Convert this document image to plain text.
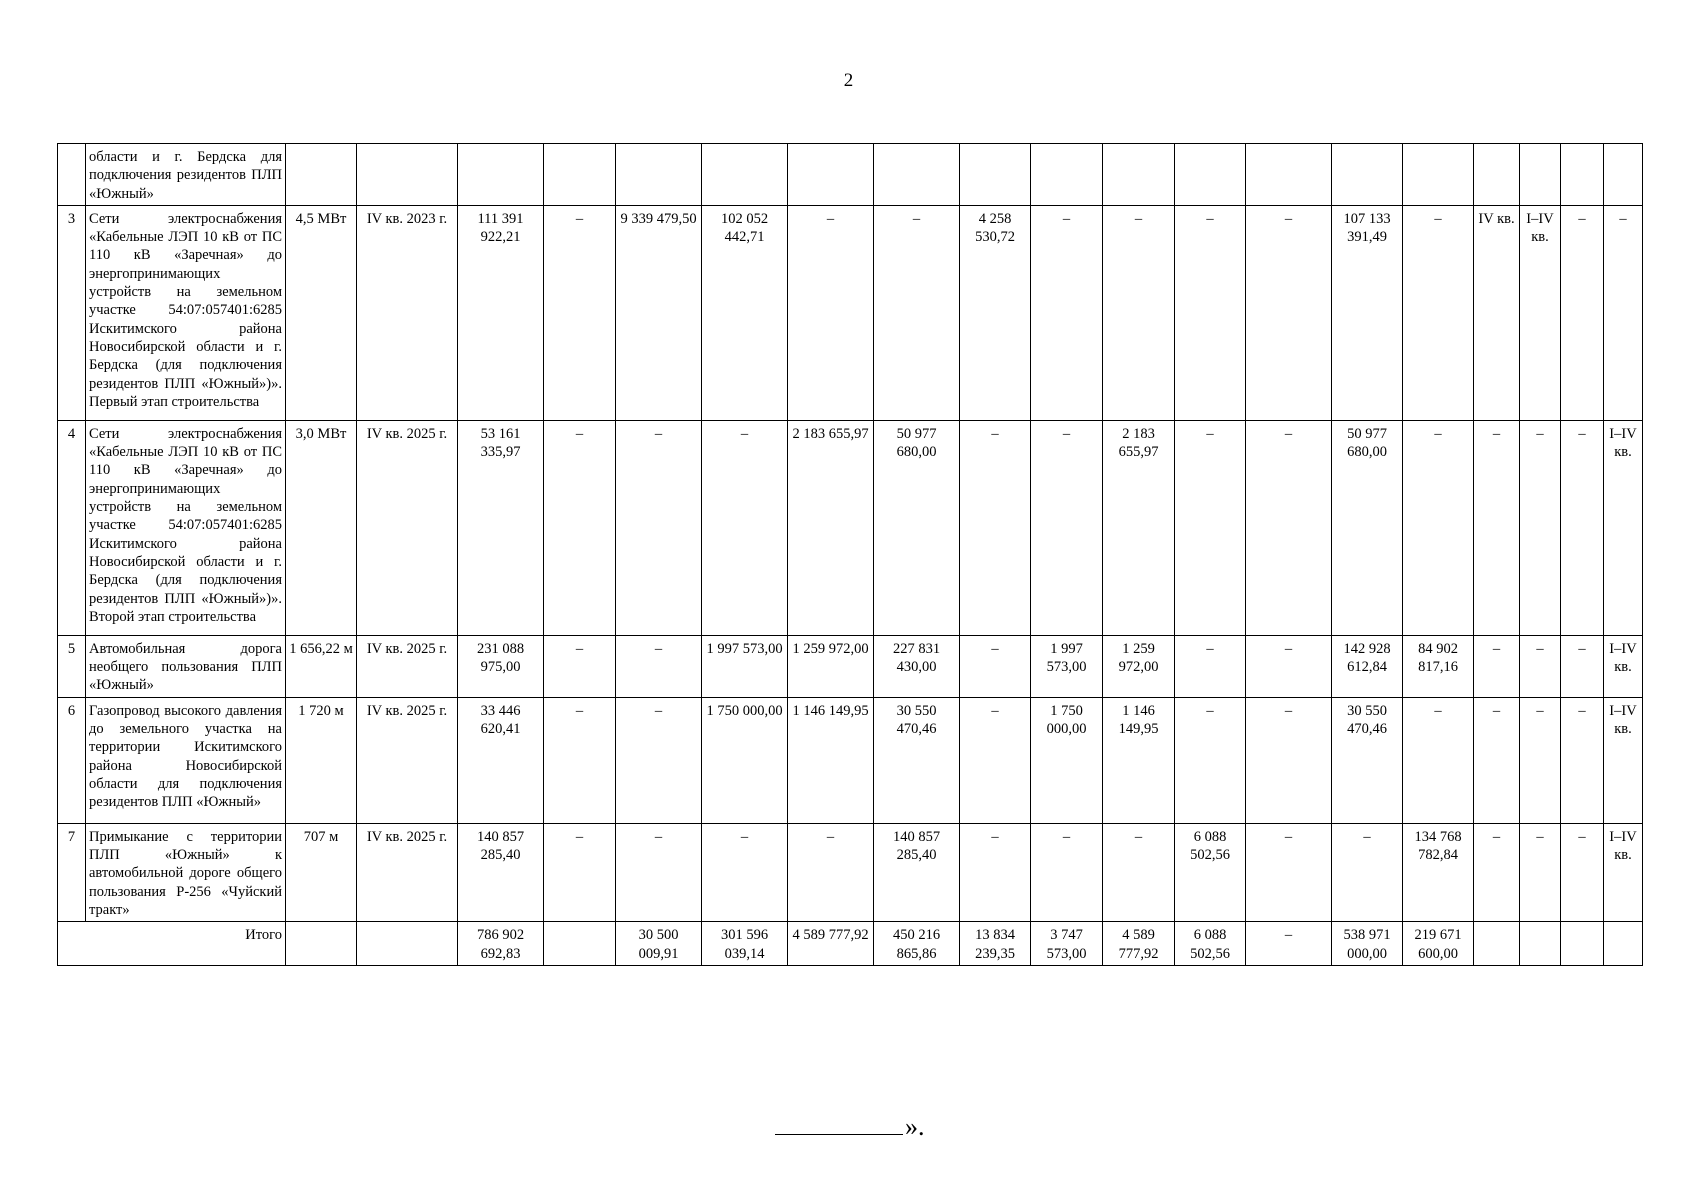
2
	области и г. Бердска для подключения резидентов ПЛП «Южный»																			
3	Сети электроснабжения «Кабельные ЛЭП 10 кВ от ПС 110 кВ «Заречная» до энергопринимающих устройств на земельном участке 54:07:057401:6285 Искитимского района Новосибирской области и г. Бердска (для подключения резидентов ПЛП «Южный»)». Первый этап строительства	4,5 МВт	IV кв. 2023 г.	111 391 922,21	–	9 339 479,50	102 052 442,71	–	–	4 258 530,72	–	–	–	–	107 133 391,49	–	IV кв.	I–IV кв.	–	–
4	Сети электроснабжения «Кабельные ЛЭП 10 кВ от ПС 110 кВ «Заречная» до энергопринимающих устройств на земельном участке 54:07:057401:6285 Искитимского района Новосибирской области и г. Бердска (для подключения резидентов ПЛП «Южный»)». Второй этап строительства	3,0 МВт	IV кв. 2025 г.	53 161 335,97	–	–	–	2 183 655,97	50 977 680,00	–	–	2 183 655,97	–	–	50 977 680,00	–	–	–	–	I–IV кв.
5	Автомобильная дорога необщего пользования ПЛП «Южный»	1 656,22 м	IV кв. 2025 г.	231 088 975,00	–	–	1 997 573,00	1 259 972,00	227 831 430,00	–	1 997 573,00	1 259 972,00	–	–	142 928 612,84	84 902 817,16	–	–	–	I–IV кв.
6	Газопровод высокого давления до земельного участка на территории Искитимского района Новосибирской области для подключения резидентов ПЛП «Южный»	1 720 м	IV кв. 2025 г.	33 446 620,41	–	–	1 750 000,00	1 146 149,95	30 550 470,46	–	1 750 000,00	1 146 149,95	–	–	30 550 470,46	–	–	–	–	I–IV кв.
7	Примыкание с территории ПЛП «Южный» к автомобильной дороге общего пользования Р-256 «Чуйский тракт»	707 м	IV кв. 2025 г.	140 857 285,40	–	–	–	–	140 857 285,40	–	–	–	6 088 502,56	–	–	134 768 782,84	–	–	–	I–IV кв.
Итого				786 902 692,83		30 500 009,91	301 596 039,14	4 589 777,92	450 216 865,86	13 834 239,35	3 747 573,00	4 589 777,92	6 088 502,56	–	538 971 000,00	219 671 600,00				
».
